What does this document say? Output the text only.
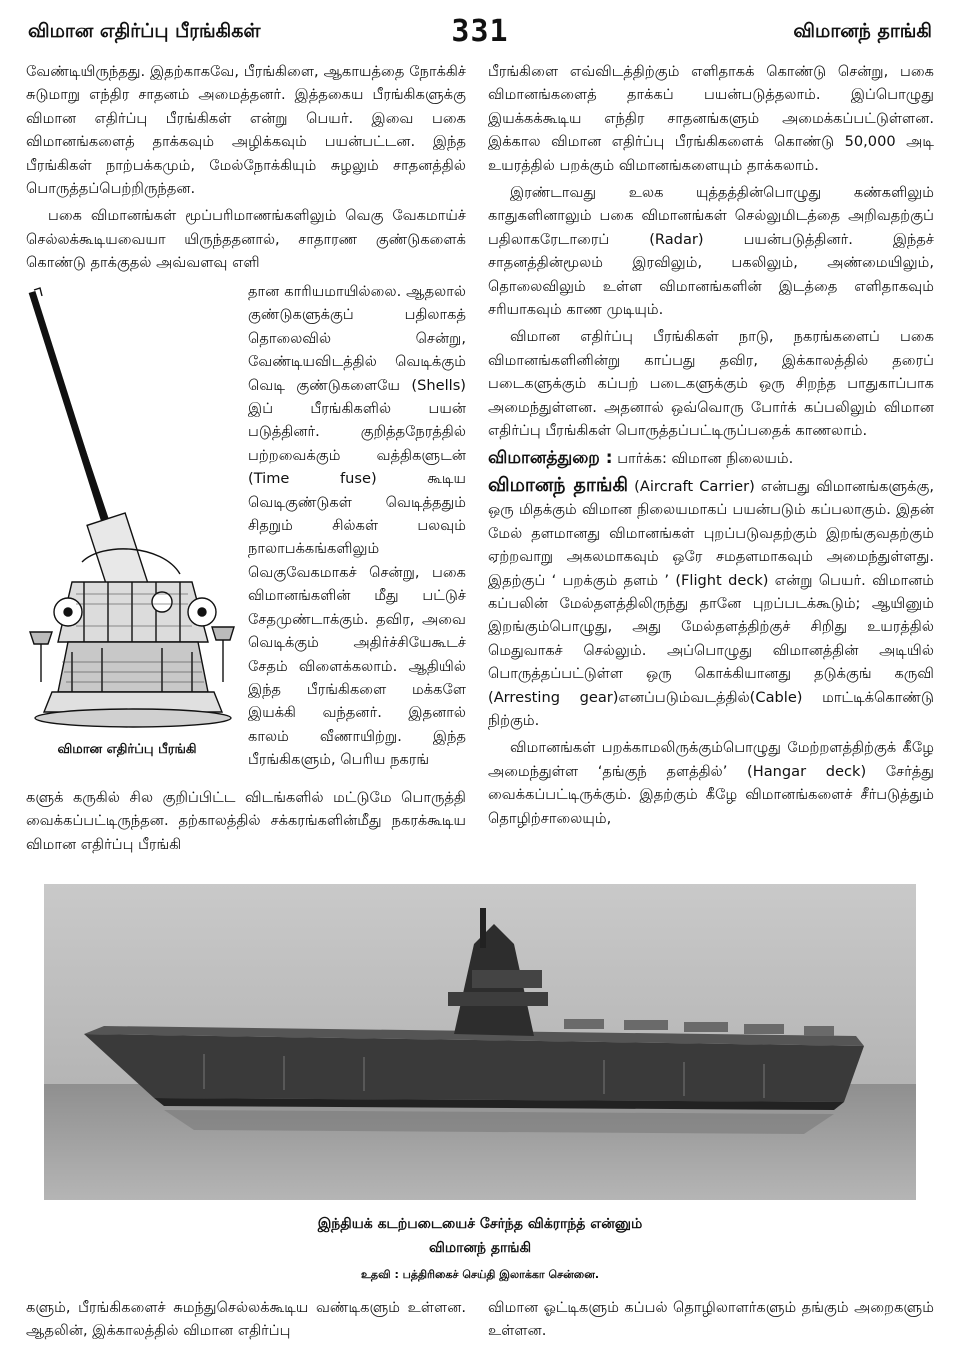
விமான எதிர்ப்பு பீரங்கிகள்	331	விமானந் தாங்கி

வேண்டியிருந்தது. இதற்காகவே, பீரங்கிளை, ஆகாயத்தை நோக்கிச் சுடுமாறு எந்திர சாதனம் அமைத்தனர். இத்தகைய பீரங்கிகளுக்கு விமான எதிர்ப்பு பீரங்கிகள் என்று பெயர். இவை பகை விமானங்களைத் தாக்கவும் அழிக்கவும் பயன்பட்டன. இந்த பீரங்கிகள் நாற்பக்கமும், மேல்நோக்கியும் சுழலும் சாதனத்தில் பொருத்தப்பெற்றிருந்தன.

பகை விமானங்கள் மூப்பரிமாணங்களிலும் வெகு வேகமாய்ச் செல்லக்கூடியவையா யிருந்ததனால், சாதாரண குண்டுகளைக் கொண்டு தாக்குதல் அவ்வளவு எளி

தான காரியமாயில்லை. ஆதலால் குண்டுகளுக்குப் பதிலாகத் தொலைவில் சென்று, வேண்டியவிடத்தில் வெடிக்கும் வெடி குண்டுகளையே (Shells) இப் பீரங்கிகளில் பயன் படுத்தினர். குறித்தநேரத்தில் பற்றவைக்கும் வத்திகளுடன் (Time fuse) கூடிய வெடிகுண்டுகள் வெடித்ததும் சிதறும் சில்கள் பலவும் நாலாபக்கங்களிலும் வெகுவேகமாகச் சென்று, பகை விமானங்களின் மீது பட்டுச் சேதமுண்டாக்கும். தவிர, அவை வெடிக்கும் அதிர்ச்சியேகூடச் சேதம் விளைக்கலாம். ஆதியில் இந்த பீரங்கிகளை மக்களே இயக்கி வந்தனர். இதனால் காலம் வீணாயிற்று. இந்த பீரங்கிகளும், பெரிய நகரங்

விமான எதிர்ப்பு பீரங்கி

களுக் கருகில் சில குறிப்பிட்ட விடங்களில் மட்டுமே பொருத்தி வைக்கப்பட்டிருந்தன. தற்காலத்தில் சக்கரங்களின்மீது நகரக்கூடிய விமான எதிர்ப்பு பீரங்கி

பீரங்கிளை எவ்விடத்திற்கும் எளிதாகக் கொண்டு சென்று, பகை விமானங்களைத் தாக்கப் பயன்படுத்தலாம். இப்பொழுது இயக்கக்கூடிய எந்திர சாதனங்களும் அமைக்கப்பட்டுள்ளன. இக்கால விமான எதிர்ப்பு பீரங்கிகளைக் கொண்டு 50,000 அடி உயரத்தில் பறக்கும் விமானங்களையும் தாக்கலாம்.

இரண்டாவது உலக யுத்தத்தின்பொழுது கண்களிலும் காதுகளினாலும் பகை விமானங்கள் செல்லுமிடத்தை அறிவதற்குப் பதிலாகரேடாரைப் (Radar) பயன்படுத்தினர். இந்தச் சாதனத்தின்மூலம் இரவிலும், பகலிலும், அண்மையிலும், தொலைவிலும் உள்ள விமானங்களின் இடத்தை எளிதாகவும் சரியாகவும் காண முடியும்.

விமான எதிர்ப்பு பீரங்கிகள் நாடு, நகரங்களைப் பகை விமானங்களினின்று காப்பது தவிர, இக்காலத்தில் தரைப் படைகளுக்கும் கப்பற் படைகளுக்கும் ஒரு சிறந்த பாதுகாப்பாக அமைந்துள்ளன. அதனால் ஒவ்வொரு போர்க் கப்பலிலும் விமான எதிர்ப்பு பீரங்கிகள் பொருத்தப்பட்டிருப்பதைக் காணலாம்.

விமானத்துறை : பார்க்க: விமான நிலையம்.

விமானந் தாங்கி (Aircraft Carrier) என்பது விமானங்களுக்கு, ஒரு மிதக்கும் விமான நிலையமாகப் பயன்படும் கப்பலாகும். இதன் மேல் தளமானது விமானங்கள் புறப்படுவதற்கும் இறங்குவதற்கும் ஏற்றவாறு அகலமாகவும் ஒரே சமதளமாகவும் அமைந்துள்ளது. இதற்குப் ‘ பறக்கும் தளம் ’ (Flight deck) என்று பெயர். விமானம் கப்பலின் மேல்தளத்திலிருந்து தானே புறப்படக்கூடும்; ஆயினும் இறங்கும்பொழுது, அது மேல்தளத்திற்குச் சிறிது உயரத்தில் மெதுவாகச் செல்லும். அப்பொழுது விமானத்தின் அடியில் பொருத்தப்பட்டுள்ள ஒரு கொக்கியானது தடுக்குங் கருவி (Arresting gear)எனப்படும்வடத்தில்(Cable) மாட்டிக்கொண்டு நிற்கும்.

விமானங்கள் பறக்காமலிருக்கும்பொழுது மேற்றளத்திற்குக் கீழே அமைந்துள்ள ‘தங்குந் தளத்தில்’ (Hangar deck) சேர்த்து வைக்கப்பட்டிருக்கும். இதற்கும் கீழே விமானங்களைச் சீர்படுத்தும் தொழிற்சாலையும்,

இந்தியக் கடற்படையைச் சேர்ந்த விக்ராந்த் என்னும்
விமானந் தாங்கி
உதவி : பத்திரிகைச் செய்தி இலாக்கா சென்னை.
களும், பீரங்கிகளைச் சுமந்துசெல்லக்கூடிய வண்டிகளும் உள்ளன. ஆதலின், இக்காலத்தில் விமான எதிர்ப்பு
விமான ஓட்டிகளும் கப்பல் தொழிலாளர்களும் தங்கும் அறைகளும் உள்ளன.
